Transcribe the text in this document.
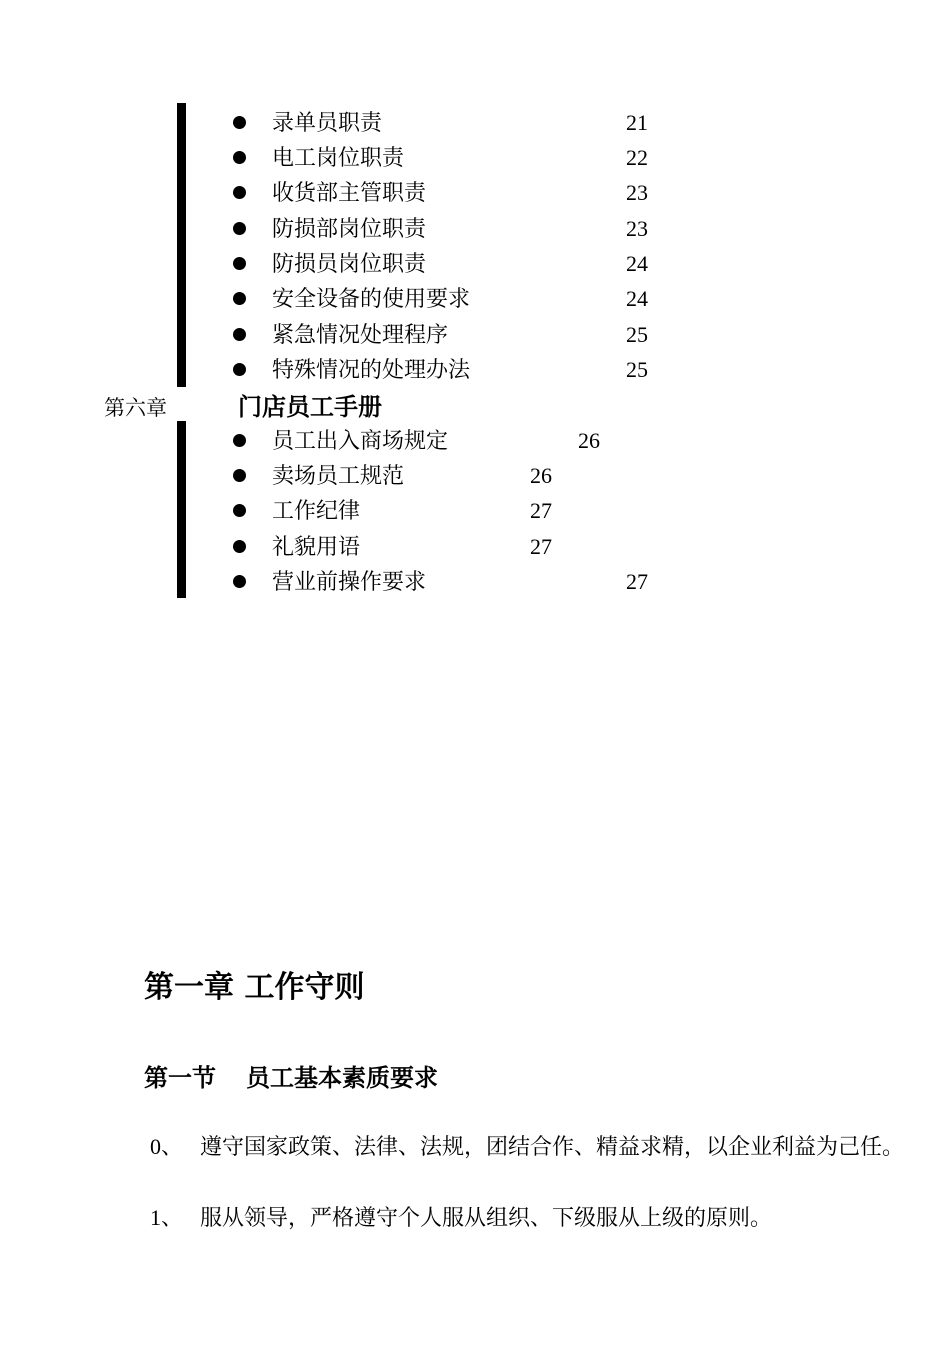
录单员职责	21
电工岗位职责	22
收货部主管职责	23
防损部岗位职责	23
防损员岗位职责	24
安全设备的使用要求	24
紧急情况处理程序	25
特殊情况的处理办法	25
第六章	门店员工手册
员工出入商场规定	26
卖场员工规范	26
工作纪律	27
礼貌用语	27
营业前操作要求	27
第一章 工作守则
第一节 员工基本素质要求
0、 遵守国家政策、法律、法规，团结合作、精益求精，以企业利益为己任。
1、 服从领导，严格遵守个人服从组织、下级服从上级的原则。
